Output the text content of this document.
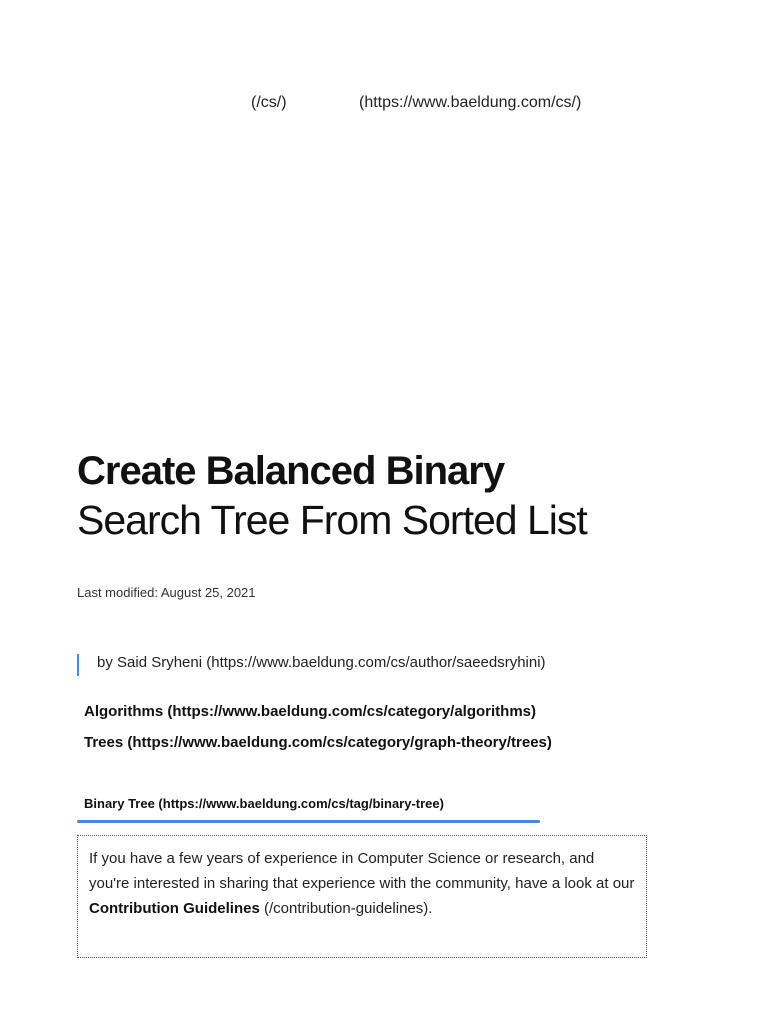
(/cs/)	(https://www.baeldung.com/cs/)
Create Balanced Binary
Search Tree From Sorted List
Last modified: August 25, 2021
by Said Sryheni (https://www.baeldung.com/cs/author/saeedsryhini)
Algorithms (https://www.baeldung.com/cs/category/algorithms)
Trees (https://www.baeldung.com/cs/category/graph-theory/trees)
Binary Tree (https://www.baeldung.com/cs/tag/binary-tree)
If you have a few years of experience in Computer Science or research, and you're interested in sharing that experience with the community, have a look at our Contribution Guidelines (/contribution-guidelines).
